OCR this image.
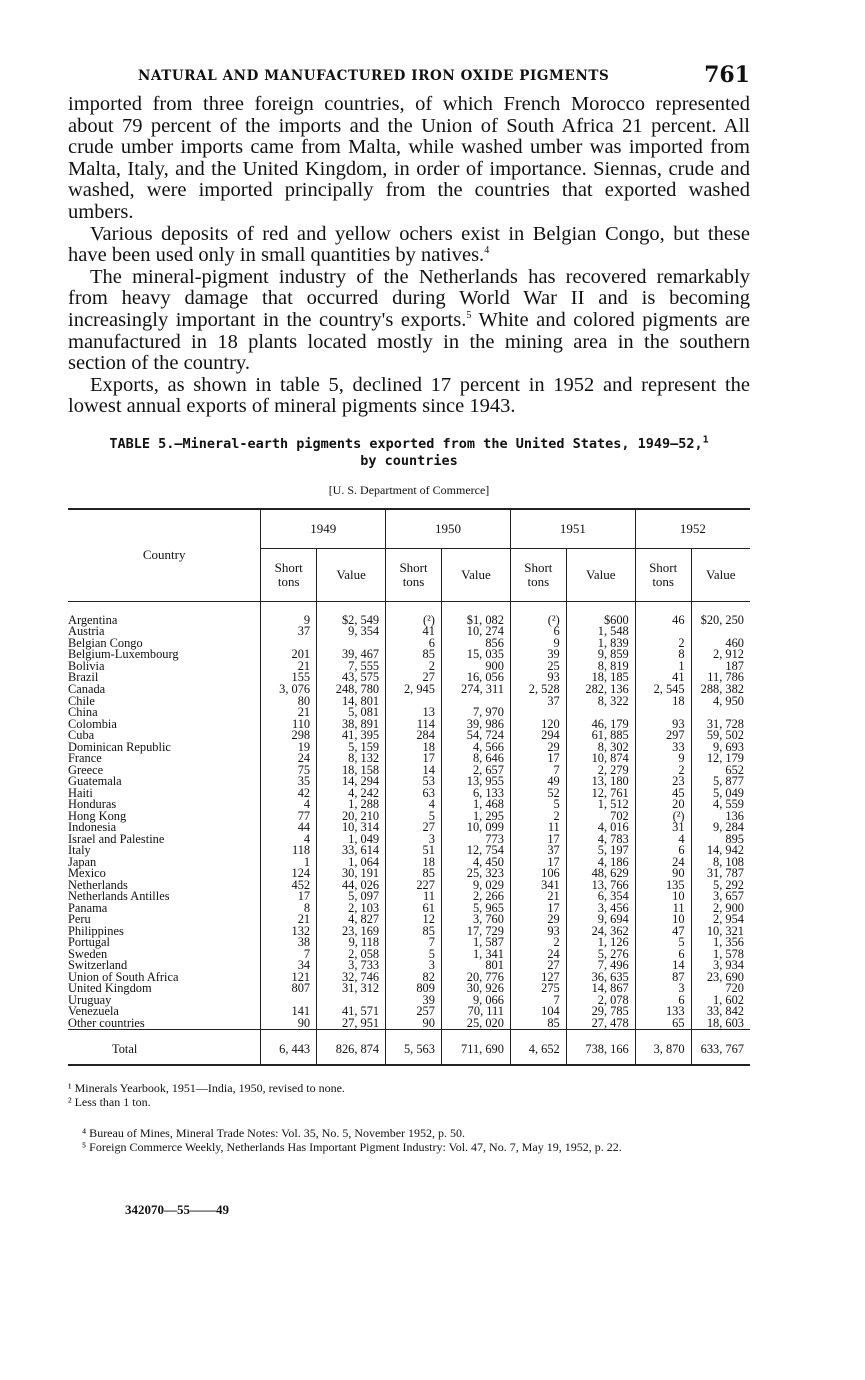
NATURAL AND MANUFACTURED IRON OXIDE PIGMENTS	761

imported from three foreign countries, of which French Morocco represented about 79 percent of the imports and the Union of South Africa 21 percent. All crude umber imports came from Malta, while washed umber was imported from Malta, Italy, and the United Kingdom, in order of importance. Siennas, crude and washed, were imported principally from the countries that exported washed umbers.

Various deposits of red and yellow ochers exist in Belgian Congo, but these have been used only in small quantities by natives.$^4$

The mineral-pigment industry of the Netherlands has recovered remarkably from heavy damage that occurred during World War II and is becoming increasingly important in the country's exports.$^5$ White and colored pigments are manufactured in 18 plants located mostly in the mining area in the southern section of the country.

Exports, as shown in table 5, declined 17 percent in 1952 and represent the lowest annual exports of mineral pigments since 1943.

TABLE 5.—Mineral-earth pigments exported from the United States, 1949–52,$^1$
by countries
[U. S. Department of Commerce]
Country	1949		1950		1951		1952	
	Short tons	Value	Short tons	Value	Short tons	Value	Short tons	Value
Argentina	9	$2, 549	(²)	$1, 082	(²)	$600	46	$20, 250
Austria	37	9, 354	41	10, 274	6	1, 548		
Belgian Congo			6	856	9	1, 839	2	460
Belgium-Luxembourg	201	39, 467	85	15, 035	39	9, 859	8	2, 912
Bolivia	21	7, 555	2	900	25	8, 819	1	187
Brazil	155	43, 575	27	16, 056	93	18, 185	41	11, 786
Canada	3, 076	248, 780	2, 945	274, 311	2, 528	282, 136	2, 545	288, 382
Chile	80	14, 801			37	8, 322	18	4, 950
China	21	5, 081	13	7, 970				
Colombia	110	38, 891	114	39, 986	120	46, 179	93	31, 728
Cuba	298	41, 395	284	54, 724	294	61, 885	297	59, 502
Dominican Republic	19	5, 159	18	4, 566	29	8, 302	33	9, 693
France	24	8, 132	17	8, 646	17	10, 874	9	12, 179
Greece	75	18, 158	14	2, 657	7	2, 279	2	652
Guatemala	35	14, 294	53	13, 955	49	13, 180	23	5, 877
Haiti	42	4, 242	63	6, 133	52	12, 761	45	5, 049
Honduras	4	1, 288	4	1, 468	5	1, 512	20	4, 559
Hong Kong	77	20, 210	5	1, 295	2	702	(²)	136
Indonesia	44	10, 314	27	10, 099	11	4, 016	31	9, 284
Israel and Palestine	4	1, 049	3	773	17	4, 783	4	895
Italy	118	33, 614	51	12, 754	37	5, 197	6	14, 942
Japan	1	1, 064	18	4, 450	17	4, 186	24	8, 108
Mexico	124	30, 191	85	25, 323	106	48, 629	90	31, 787
Netherlands	452	44, 026	227	9, 029	341	13, 766	135	5, 292
Netherlands Antilles	17	5, 097	11	2, 266	21	6, 354	10	3, 657
Panama	8	2, 103	61	5, 965	17	3, 456	11	2, 900
Peru	21	4, 827	12	3, 760	29	9, 694	10	2, 954
Philippines	132	23, 169	85	17, 729	93	24, 362	47	10, 321
Portugal	38	9, 118	7	1, 587	2	1, 126	5	1, 356
Sweden	7	2, 058	5	1, 341	24	5, 276	6	1, 578
Switzerland	34	3, 733	3	801	27	7, 496	14	3, 934
Union of South Africa	121	32, 746	82	20, 776	127	36, 635	87	23, 690
United Kingdom	807	31, 312	809	30, 926	275	14, 867	3	720
Uruguay			39	9, 066	7	2, 078	6	1, 602
Venezuela	141	41, 571	257	70, 111	104	29, 785	133	33, 842
Other countries	90	27, 951	90	25, 020	85	27, 478	65	18, 603
Total	6, 443	826, 874	5, 563	711, 690	4, 652	738, 166	3, 870	633, 767
¹ Minerals Yearbook, 1951—India, 1950, revised to none.
² Less than 1 ton.
⁴ Bureau of Mines, Mineral Trade Notes: Vol. 35, No. 5, November 1952, p. 50.
⁵ Foreign Commerce Weekly, Netherlands Has Important Pigment Industry: Vol. 47, No. 7, May 19, 1952, p. 22.
342070—55——49
